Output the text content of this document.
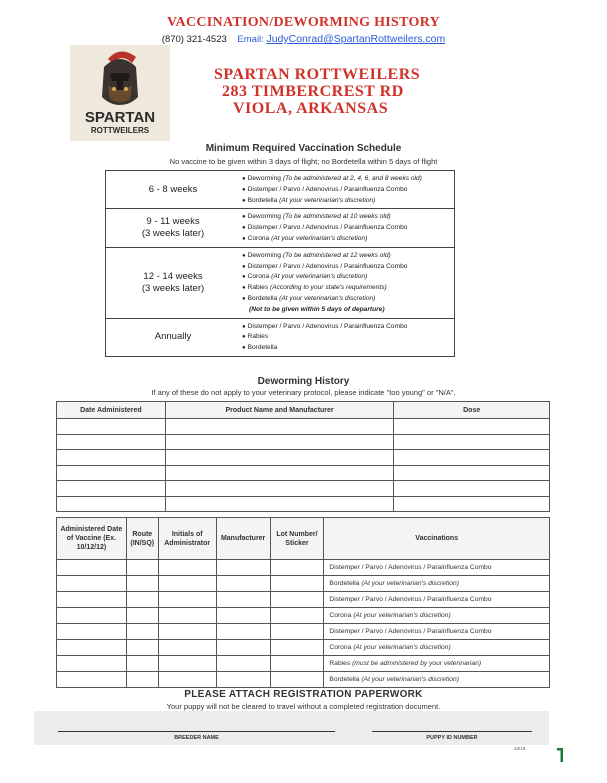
VACCINATION/DEWORMING HISTORY
(870) 321-4523 Email: JudyConrad@SpartanRottweilers.com
SPARTAN
ROTTWEILERS
SPARTAN ROTTWEILERS
283 TIMBERCREST RD
VIOLA, ARKANSAS
Minimum Required Vaccination Schedule
No vaccine to be given within 3 days of flight; no Bordetella within 5 days of flight
6 - 8 weeks
● Deworming (To be administered at 2, 4, 6, and 8 weeks old)
● Distemper / Parvo / Adenovirus / Parainfluenza Combo
● Bordetella (At your veterinarian's discretion)
9 - 11 weeks
(3 weeks later)
● Deworming (To be administered at 10 weeks old)
● Distemper / Parvo / Adenovirus / Parainfluenza Combo
● Corona (At your veterinarian's discretion)
12 - 14 weeks
(3 weeks later)
● Deworming (To be administered at 12 weeks old)
● Distemper / Parvo / Adenovirus / Parainfluenza Combo
● Corona (At your veterinarian's discretion)
● Rabies (According to your state's requirements)
● Bordetella (At your veterinarian's discretion)
(Not to be given within 5 days of departure)
Annually
● Distemper / Parvo / Adenovirus / Parainfluenza Combo
● Rabies
● Bordetella
Deworming History
If any of these do not apply to your veterinary protocol, please indicate "too young" or "N/A".
Date Administered	Product Name and Manufacturer	Dose

Administered Date of Vaccine (Ex. 10/12/12)	Route (IN/SQ)	Initials of Administrator	Manufacturer	Lot Number/ Sticker	Vaccinations
					Distemper / Parvo / Adenovirus / Parainfluenza Combo
					Bordetella (At your veterinarian's discretion)
					Distemper / Parvo / Adenovirus / Parainfluenza Combo
					Corona (At your veterinarian's discretion)
					Distemper / Parvo / Adenovirus / Parainfluenza Combo
					Corona (At your veterinarian's discretion)
					Rabies (must be administered by your veterinarian)
					Bordetella (At your veterinarian's discretion)
PLEASE ATTACH REGISTRATION PAPERWORK
Your puppy will not be cleared to travel without a completed registration document.
BREEDER NAME	PUPPY ID NUMBER
10/18
